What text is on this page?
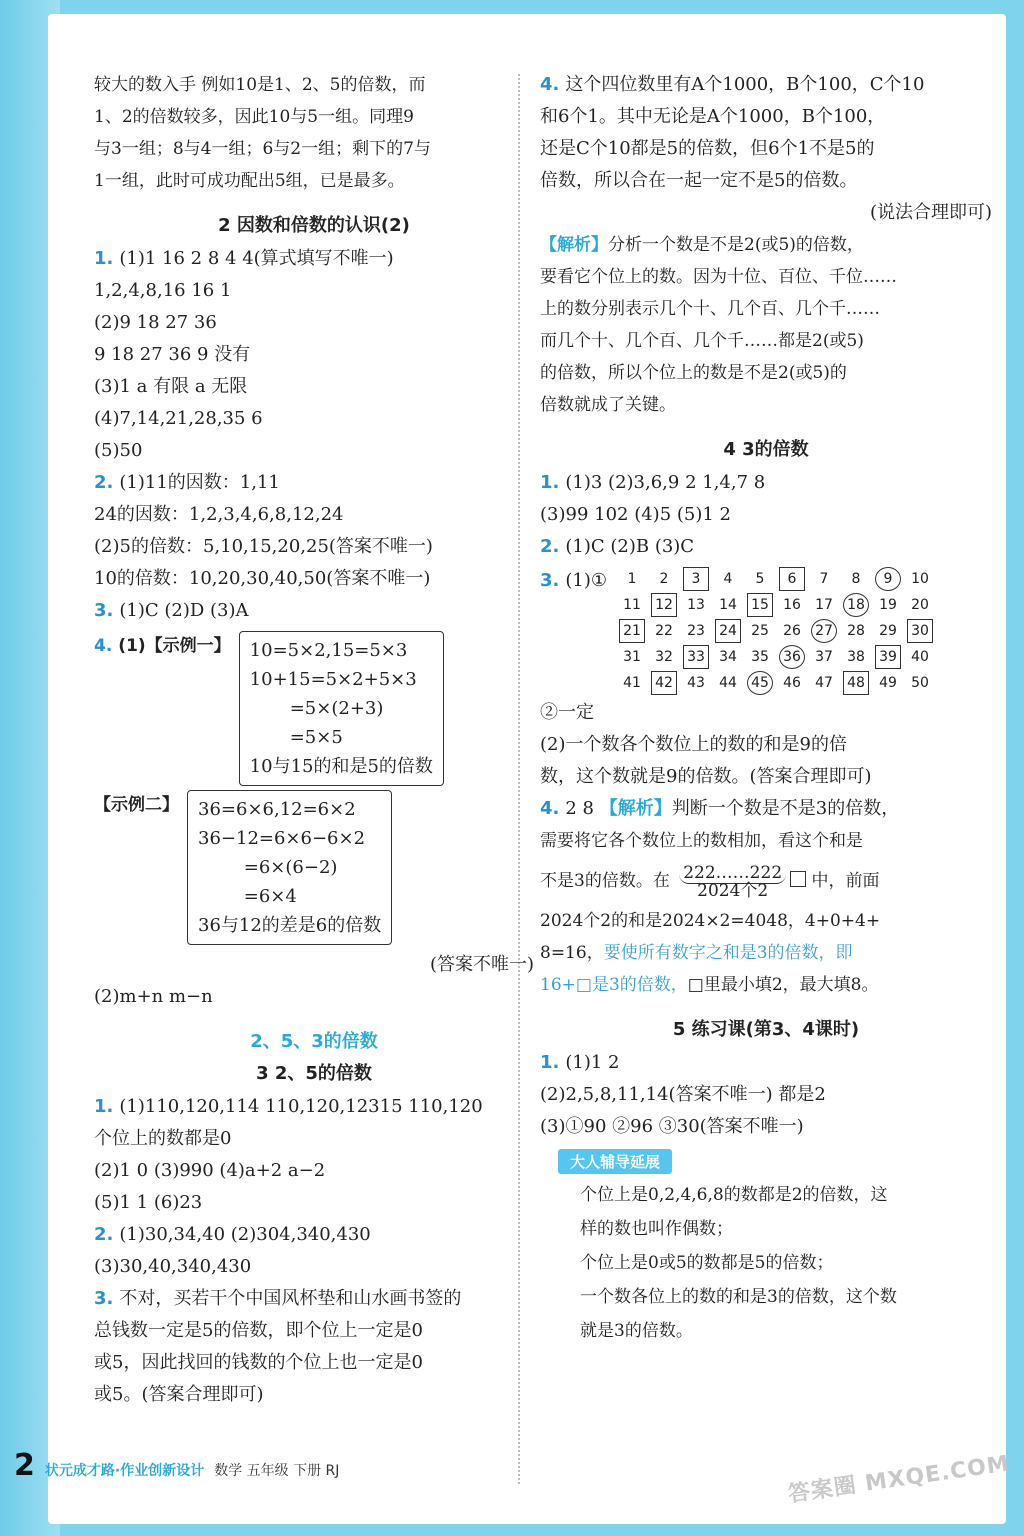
较大的数入手 例如10是1、2、5的倍数，而
1、2的倍数较多，因此10与5一组。同理9
与3一组；8与4一组；6与2一组；剩下的7与
1一组，此时可成功配出5组，已是最多。
2 因数和倍数的认识(2)
1. (1)1 16 2 8 4 4(算式填写不唯一)
1,2,4,8,16 16 1
(2)9 18 27 36
9 18 27 36 9 没有
(3)1 a 有限 a 无限
(4)7,14,21,28,35 6
(5)50
2. (1)11的因数：1,11
24的因数：1,2,3,4,6,8,12,24
(2)5的倍数：5,10,15,20,25(答案不唯一)
10的倍数：10,20,30,40,50(答案不唯一)
3. (1)C (2)D (3)A
4. (1)【示例一】	10=5×2,15=5×3
10+15=5×2+5×3
=5×(2+3)
=5×5
10与15的和是5的倍数
【示例二】	36=6×6,12=6×2
36−12=6×6−6×2
=6×(6−2)
=6×4
36与12的差是6的倍数
(答案不唯一)
(2)m+n m−n
2、5、3的倍数
3 2、5的倍数
1. (1)110,120,114 110,120,12315 110,120
个位上的数都是0
(2)1 0 (3)990 (4)a+2 a−2
(5)1 1 (6)23
2. (1)30,34,40 (2)304,340,430
(3)30,40,340,430
3. 不对，买若干个中国风杯垫和山水画书签的
总钱数一定是5的倍数，即个位上一定是0
或5，因此找回的钱数的个位上也一定是0
或5。(答案合理即可)
4. 这个四位数里有A个1000，B个100，C个10
和6个1。其中无论是A个1000，B个100，
还是C个10都是5的倍数，但6个1不是5的
倍数，所以合在一起一定不是5的倍数。
(说法合理即可)
【解析】分析一个数是不是2(或5)的倍数，
要看它个位上的数。因为十位、百位、千位……
上的数分别表示几个十、几个百、几个千……
而几个十、几个百、几个千……都是2(或5)
的倍数，所以个位上的数是不是2(或5)的
倍数就成了关键。
4 3的倍数
1. (1)3 (2)3,6,9 2 1,4,7 8
(3)99 102 (4)5 (5)1 2
2. (1)C (2)B (3)C
3. (1)① 1	2	3	4	5	6	7	8	9	10
11	12	13	14	15	16	17	18	19	20
21	22	23	24	25	26	27	28	29	30
31	32	33	34	35	36	37	38	39	40
41	42	43	44	45	46	47	48	49	50
②一定
(2)一个数各个数位上的数的和是9的倍
数，这个数就是9的倍数。(答案合理即可)
4. 2 8 【解析】判断一个数是不是3的倍数，
需要将它各个数位上的数相加，看这个和是
不是3的倍数。在 222……222
2024个2	中，前面
2024个2的和是2024×2=4048，4+0+4+
8=16，要使所有数字之和是3的倍数，即
16+□是3的倍数，□里最小填2，最大填8。
5 练习课(第3、4课时)
1. (1)1 2
(2)2,5,8,11,14(答案不唯一) 都是2
(3)①90 ②96 ③30(答案不唯一)
大人辅导延展
个位上是0,2,4,6,8的数都是2的倍数，这
样的数也叫作偶数；
个位上是0或5的数都是5的倍数；
一个数各位上的数的和是3的倍数，这个数
就是3的倍数。
2 状元成才路·作业创新设计 数学 五年级 下册 RJ	答案圈 MXQE.COM
